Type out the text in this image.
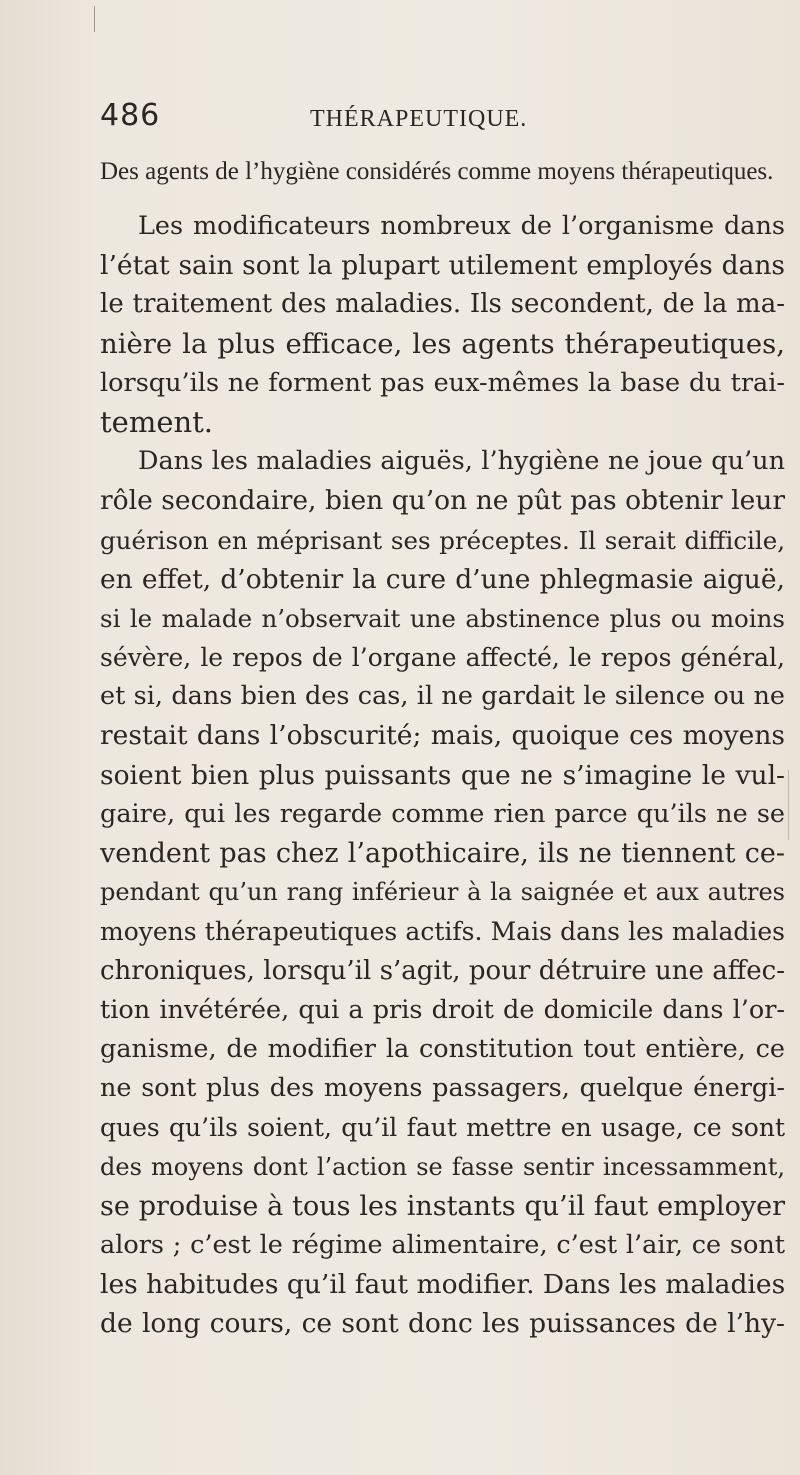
486	THÉRAPEUTIQUE.
Des agents de l’hygiène considérés comme moyens thérapeutiques.
Les modificateurs nombreux de l’organisme dans
l’état sain sont la plupart utilement employés dans
le traitement des maladies. Ils secondent, de la ma-
nière la plus efficace, les agents thérapeutiques,
lorsqu’ils ne forment pas eux-mêmes la base du trai-
tement.
Dans les maladies aiguës, l’hygiène ne joue qu’un
rôle secondaire, bien qu’on ne pût pas obtenir leur
guérison en méprisant ses préceptes. Il serait difficile,
en effet, d’obtenir la cure d’une phlegmasie aiguë,
si le malade n’observait une abstinence plus ou moins
sévère, le repos de l’organe affecté, le repos général,
et si, dans bien des cas, il ne gardait le silence ou ne
restait dans l’obscurité; mais, quoique ces moyens
soient bien plus puissants que ne s’imagine le vul-
gaire, qui les regarde comme rien parce qu’ils ne se
vendent pas chez l’apothicaire, ils ne tiennent ce-
pendant qu’un rang inférieur à la saignée et aux autres
moyens thérapeutiques actifs. Mais dans les maladies
chroniques, lorsqu’il s’agit, pour détruire une affec-
tion invétérée, qui a pris droit de domicile dans l’or-
ganisme, de modifier la constitution tout entière, ce
ne sont plus des moyens passagers, quelque énergi-
ques qu’ils soient, qu’il faut mettre en usage, ce sont
des moyens dont l’action se fasse sentir incessamment,
se produise à tous les instants qu’il faut employer
alors ; c’est le régime alimentaire, c’est l’air, ce sont
les habitudes qu’il faut modifier. Dans les maladies
de long cours, ce sont donc les puissances de l’hy-
